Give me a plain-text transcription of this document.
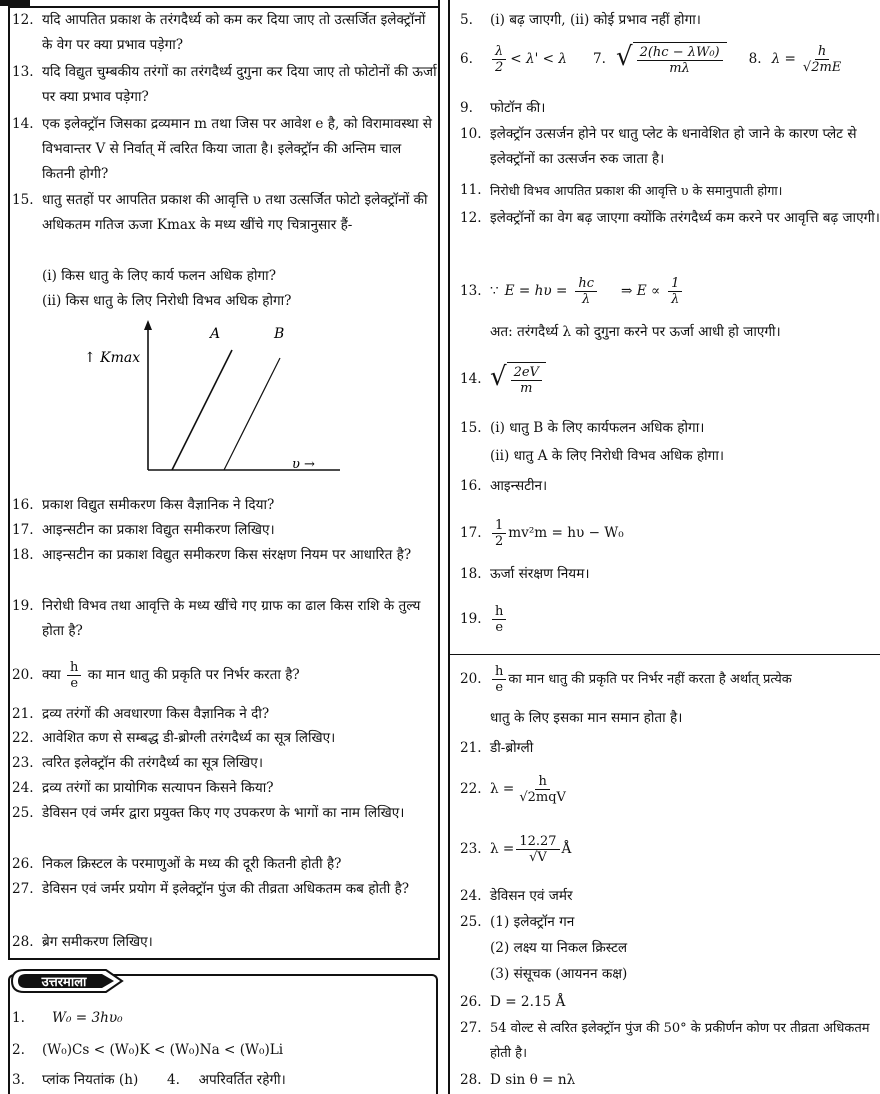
12. यदि आपतित प्रकाश के तरंगदैर्ध्य को कम कर दिया जाए तो उत्सर्जित इलेक्ट्रॉनों के वेग पर क्या प्रभाव पड़ेगा?
13. यदि विद्युत चुम्बकीय तरंगों का तरंगदैर्ध्य दुगुना कर दिया जाए तो फोटोनों की ऊर्जा पर क्या प्रभाव पड़ेगा?
14. एक इलेक्ट्रॉन जिसका द्रव्यमान m तथा जिस पर आवेश e है, को विरामावस्था से विभवान्तर V से निर्वात् में त्वरित किया जाता है। इलेक्ट्रॉन की अन्तिम चाल कितनी होगी?
15. धातु सतहों पर आपतित प्रकाश की आवृत्ति υ तथा उत्सर्जित फोटो इलेक्ट्रॉनों की अधिकतम गतिज ऊजा Kmax के मध्य खींचे गए चित्रानुसार हैं-
(i) किस धातु के लिए कार्य फलन अधिक होगा?
(ii) किस धातु के लिए निरोधी विभव अधिक होगा?
A	B
↑ Kmax
υ →
16. प्रकाश विद्युत समीकरण किस वैज्ञानिक ने दिया?
17. आइन्सटीन का प्रकाश विद्युत समीकरण लिखिए।
18. आइन्सटीन का प्रकाश विद्युत समीकरण किस संरक्षण नियम पर आधारित है?
19. निरोधी विभव तथा आवृत्ति के मध्य खींचे गए ग्राफ का ढाल किस राशि के तुल्य होता है?
20. क्या $\frac{h}{e}$ का मान धातु की प्रकृति पर निर्भर करता है?
21. द्रव्य तरंगों की अवधारणा किस वैज्ञानिक ने दी?
22. आवेशित कण से सम्बद्ध डी-ब्रोग्ली तरंगदैर्ध्य का सूत्र लिखिए।
23. त्वरित इलेक्ट्रॉन की तरंगदैर्ध्य का सूत्र लिखिए।
24. द्रव्य तरंगों का प्रायोगिक सत्यापन किसने किया?
25. डेविसन एवं जर्मर द्वारा प्रयुक्त किए गए उपकरण के भागों का नाम लिखिए।
26. निकल क्रिस्टल के परमाणुओं के मध्य की दूरी कितनी होती है?
27. डेविसन एवं जर्मर प्रयोग में इलेक्ट्रॉन पुंज की तीव्रता अधिकतम कब होती है?
28. ब्रेग समीकरण लिखिए।
उत्तरमाला
1.	W₀ = 3hυ₀
2.	(W₀)Cs < (W₀)K < (W₀)Na < (W₀)Li
3.	प्लांक नियतांक (h) 4. अपरिवर्तित रहेगी।
5.	(i) बढ़ जाएगी, (ii) कोई प्रभाव नहीं होगा।
6.	$\frac{\lambda}{2} < \lambda' < \lambda$ 7. √ $\frac{\text{2(hc − λW₀)}}{m\lambda} 8$. $\lambda = \frac{h}{√2mE}$
9.	फोटॉन की।
10. इलेक्ट्रॉन उत्सर्जन होने पर धातु प्लेट के धनावेशित हो जाने के कारण प्लेट से इलेक्ट्रॉनों का उत्सर्जन रुक जाता है।
11. निरोधी विभव आपतित प्रकाश की आवृत्ति υ के समानुपाती होगा।
12. इलेक्ट्रॉनों का वेग बढ़ जाएगा क्योंकि तरंगदैर्ध्य कम करने पर आवृत्ति बढ़ जाएगी।
13. ∵ $E = h\upsilon = \frac{hc}{\lambda}$ ⇒ $E \propto \frac{1}{\lambda}$
अत: तरंगदैर्ध्य λ को दुगुना करने पर ऊर्जा आधी हो जाएगी।
14. √ $\frac{2eV}{m}$
15. (i) धातु B के लिए कार्यफलन अधिक होगा।
(ii) धातु A के लिए निरोधी विभव अधिक होगा।
16. आइन्सटीन।
17. $\frac{1}{2} mv^2m = h\upsilon - W_0$
18. ऊर्जा संरक्षण नियम।
19. $\frac{h}{e}$
20. $\frac{h}{e}$ का मान धातु की प्रकृति पर निर्भर नहीं करता है अर्थात् प्रत्येक
धातु के लिए इसका मान समान होता है।
21. डी-ब्रोग्ली
22. $\lambda = \frac{h}{\text{√2mqV}}$
23. $\lambda = \frac{12.27}{√V}$ Å
24. डेविसन एवं जर्मर
25. (1) इलेक्ट्रॉन गन
(2) लक्ष्य या निकल क्रिस्टल
(3) संसूचक (आयनन कक्ष)
26. D = 2.15 Å
27. 54 वोल्ट से त्वरित इलेक्ट्रॉन पुंज की 50° के प्रकीर्णन कोण पर तीव्रता अधिकतम होती है।
28. D sin θ = nλ
